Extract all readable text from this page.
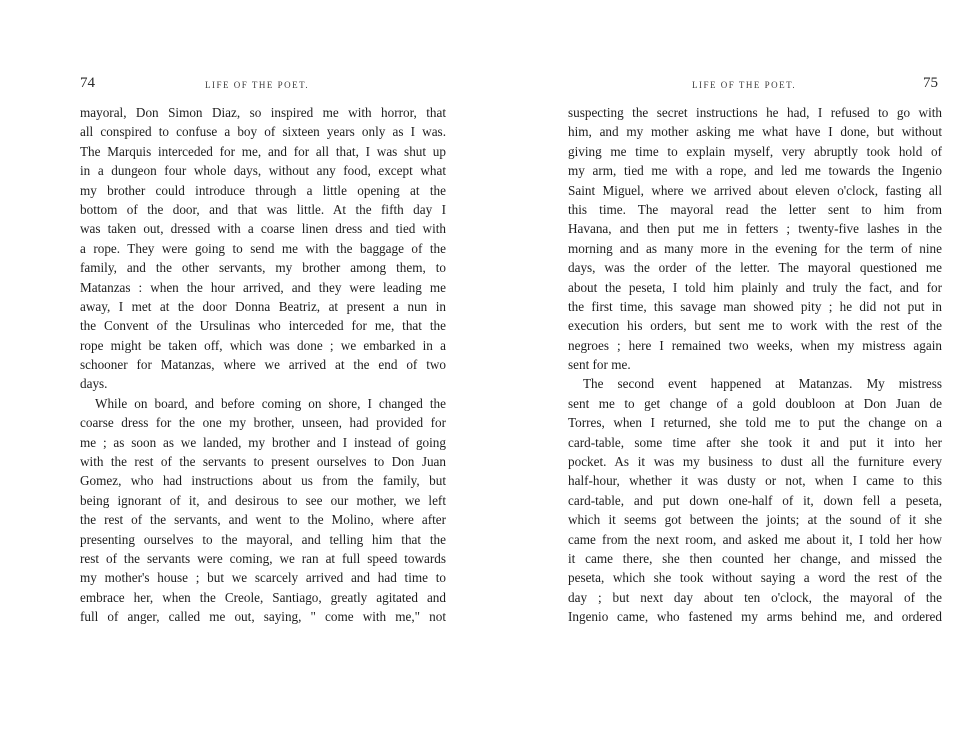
74	LIFE OF THE POET.
mayoral, Don Simon Diaz, so inspired me with horror, that
all conspired to confuse a boy of sixteen years only as I was.
The Marquis interceded for me, and for all that, I was shut up
in a dungeon four whole days, without any food, except what
my brother could introduce through a little opening at the
bottom of the door, and that was little. At the fifth day I
was taken out, dressed with a coarse linen dress and tied with
a rope. They were going to send me with the baggage of the
family, and the other servants, my brother among them, to
Matanzas : when the hour arrived, and they were leading me
away, I met at the door Donna Beatriz, at present a nun in
the Convent of the Ursulinas who interceded for me, that the
rope might be taken off, which was done ; we embarked in a
schooner for Matanzas, where we arrived at the end of two
days.
While on board, and before coming on shore, I changed the
coarse dress for the one my brother, unseen, had provided for
me ; as soon as we landed, my brother and I instead of going
with the rest of the servants to present ourselves to Don Juan
Gomez, who had instructions about us from the family, but
being ignorant of it, and desirous to see our mother, we left
the rest of the servants, and went to the Molino, where after
presenting ourselves to the mayoral, and telling him that the
rest of the servants were coming, we ran at full speed towards
my mother's house ; but we scarcely arrived and had time to
embrace her, when the Creole, Santiago, greatly agitated and
full of anger, called me out, saying, " come with me," not
LIFE OF THE POET.	75
suspecting the secret instructions he had, I refused to go with
him, and my mother asking me what have I done, but without
giving me time to explain myself, very abruptly took hold of
my arm, tied me with a rope, and led me towards the Ingenio
Saint Miguel, where we arrived about eleven o'clock, fasting all
this time. The mayoral read the letter sent to him from
Havana, and then put me in fetters ; twenty-five lashes in the
morning and as many more in the evening for the term of nine
days, was the order of the letter. The mayoral questioned me
about the peseta, I told him plainly and truly the fact, and for
the first time, this savage man showed pity ; he did not put in
execution his orders, but sent me to work with the rest of the
negroes ; here I remained two weeks, when my mistress again
sent for me.
The second event happened at Matanzas. My mistress
sent me to get change of a gold doubloon at Don Juan de
Torres, when I returned, she told me to put the change on a
card-table, some time after she took it and put it into her
pocket. As it was my business to dust all the furniture every
half-hour, whether it was dusty or not, when I came to this
card-table, and put down one-half of it, down fell a peseta,
which it seems got between the joints; at the sound of it she
came from the next room, and asked me about it, I told her how
it came there, she then counted her change, and missed the
peseta, which she took without saying a word the rest of the
day ; but next day about ten o'clock, the mayoral of the
Ingenio came, who fastened my arms behind me, and ordered
